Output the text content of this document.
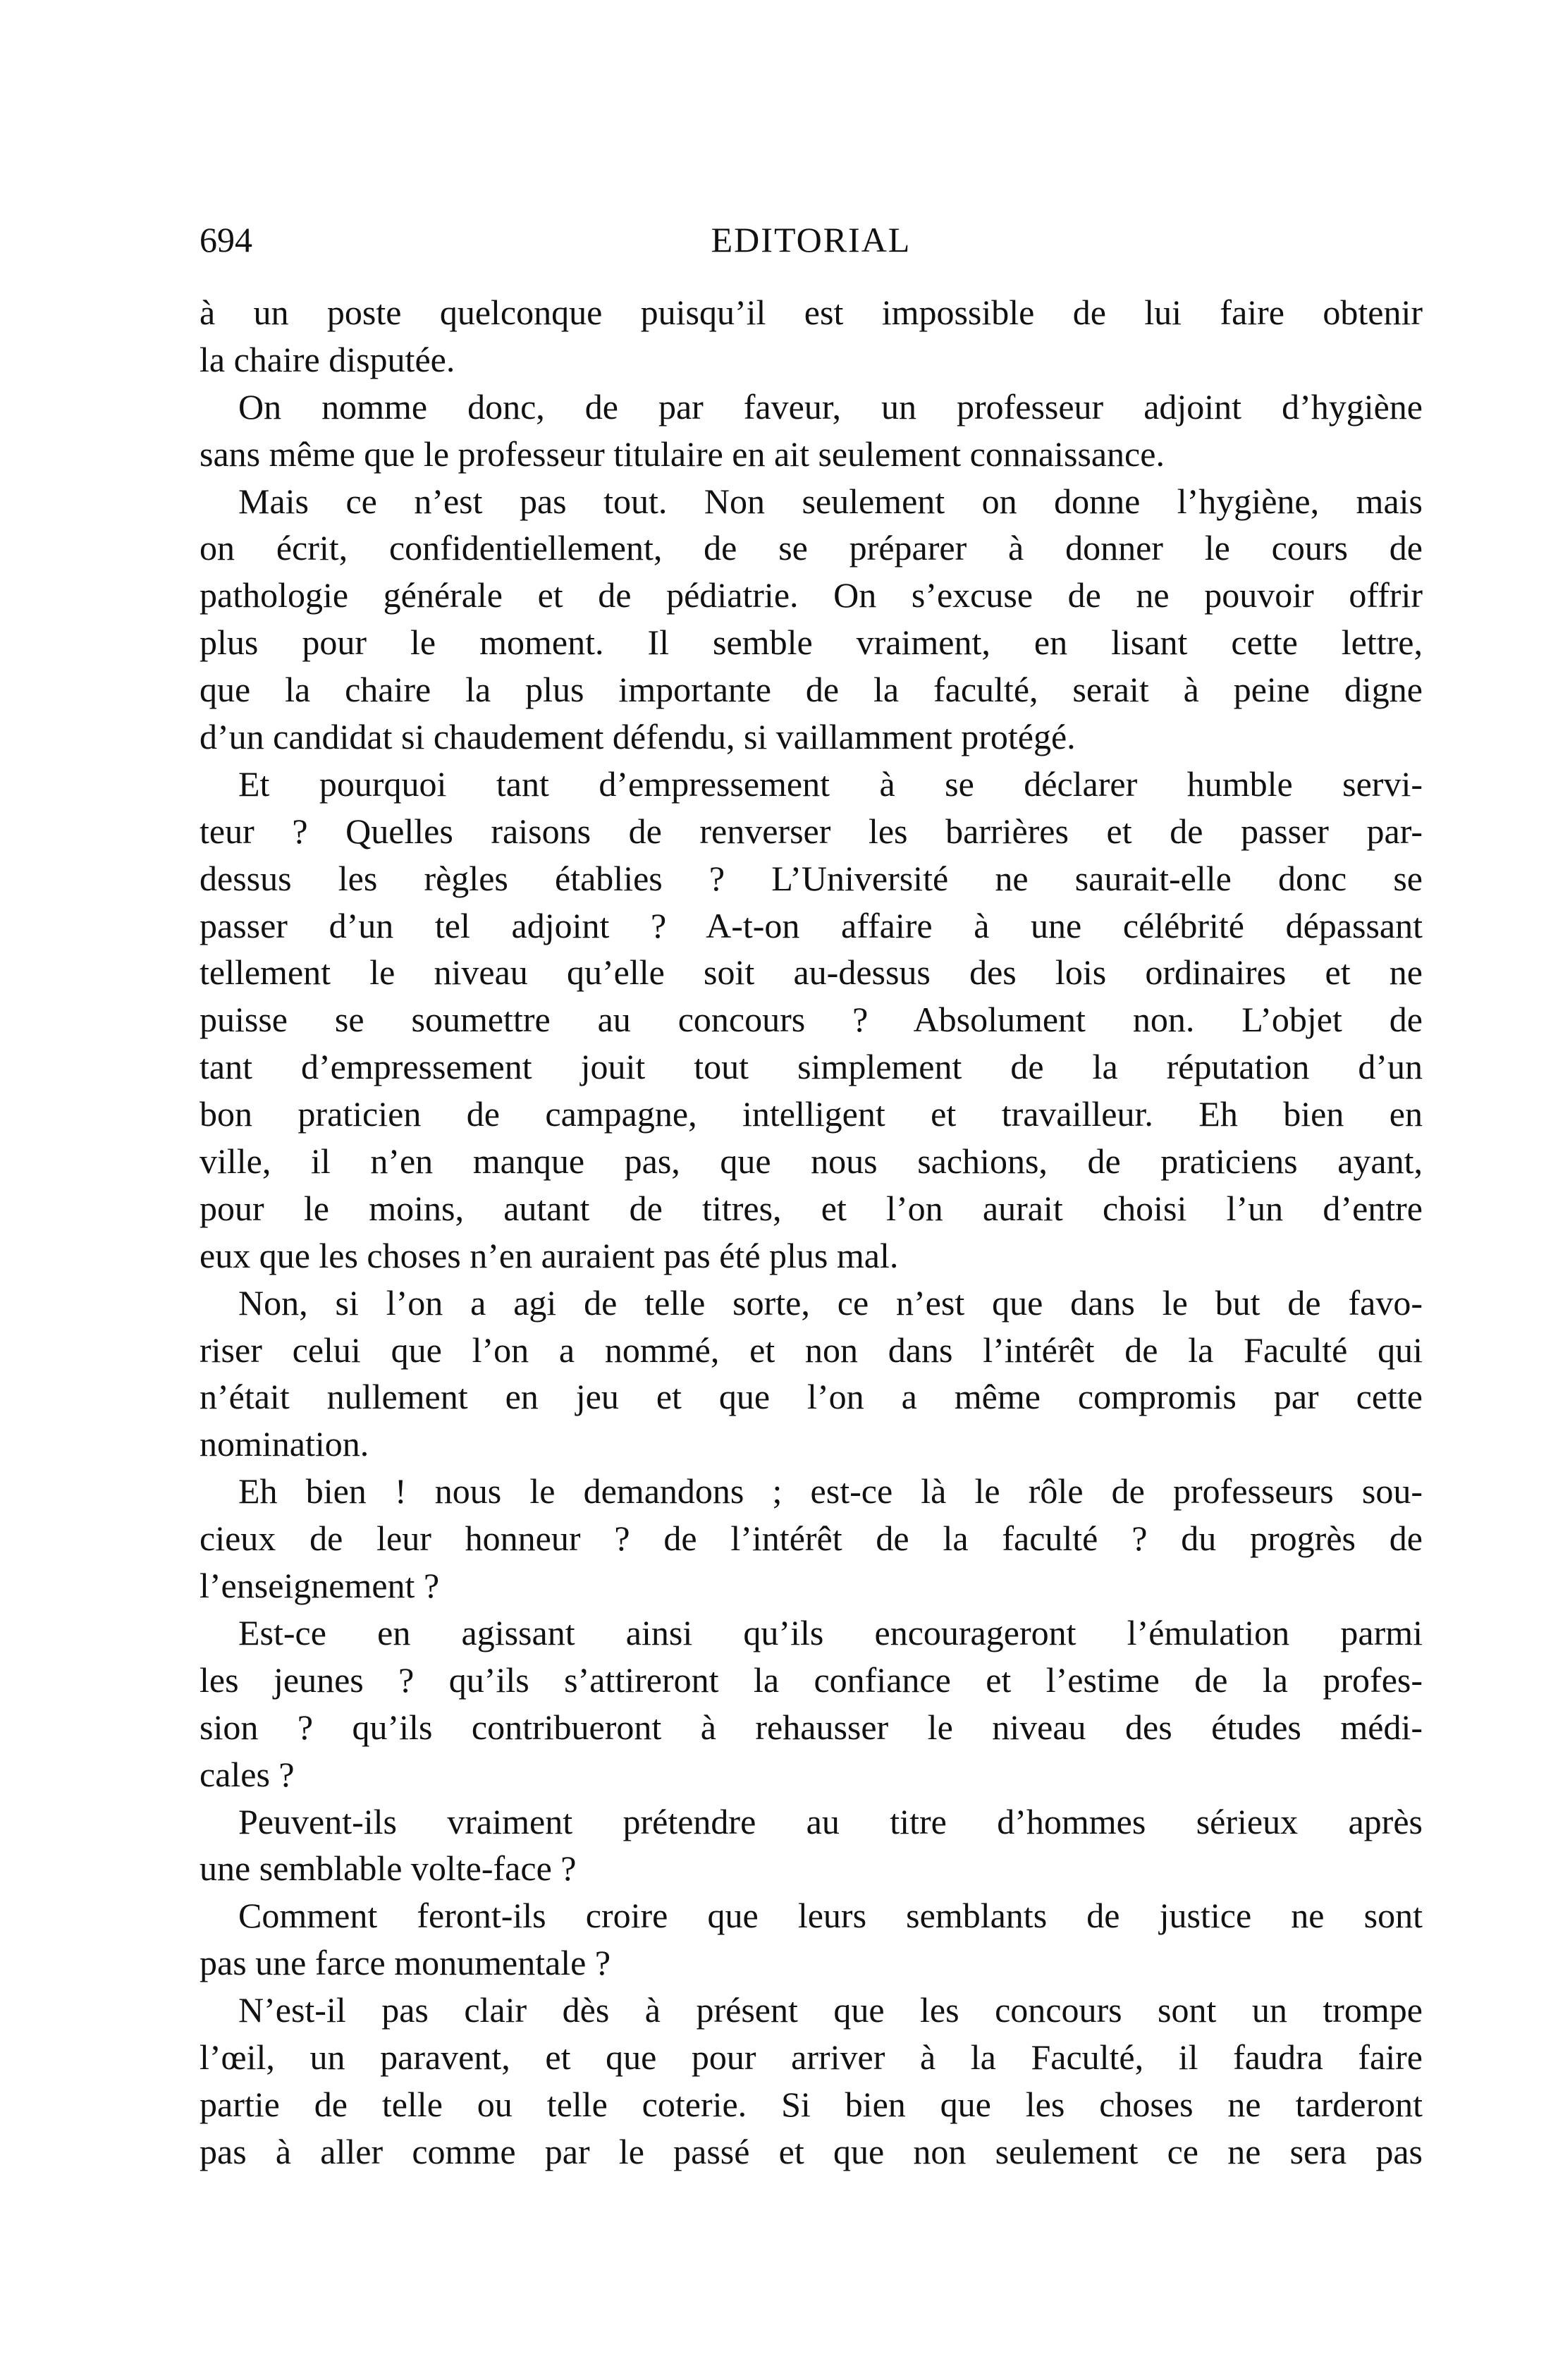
694	EDITORIAL
à un poste quelconque puisqu’il est impossible de lui faire obtenir
la chaire disputée.
On nomme donc, de par faveur, un professeur adjoint d’hygiène
sans même que le professeur titulaire en ait seulement connaissance.
Mais ce n’est pas tout. Non seulement on donne l’hygiène, mais
on écrit, confidentiellement, de se préparer à donner le cours de
pathologie générale et de pédiatrie. On s’excuse de ne pouvoir offrir
plus pour le moment. Il semble vraiment, en lisant cette lettre,
que la chaire la plus importante de la faculté, serait à peine digne
d’un candidat si chaudement défendu, si vaillamment protégé.
Et pourquoi tant d’empressement à se déclarer humble servi-
teur ? Quelles raisons de renverser les barrières et de passer par-
dessus les règles établies ? L’Université ne saurait-elle donc se
passer d’un tel adjoint ? A-t-on affaire à une célébrité dépassant
tellement le niveau qu’elle soit au-dessus des lois ordinaires et ne
puisse se soumettre au concours ? Absolument non. L’objet de
tant d’empressement jouit tout simplement de la réputation d’un
bon praticien de campagne, intelligent et travailleur. Eh bien en
ville, il n’en manque pas, que nous sachions, de praticiens ayant,
pour le moins, autant de titres, et l’on aurait choisi l’un d’entre
eux que les choses n’en auraient pas été plus mal.
Non, si l’on a agi de telle sorte, ce n’est que dans le but de favo-
riser celui que l’on a nommé, et non dans l’intérêt de la Faculté qui
n’était nullement en jeu et que l’on a même compromis par cette
nomination.
Eh bien ! nous le demandons ; est-ce là le rôle de professeurs sou-
cieux de leur honneur ? de l’intérêt de la faculté ? du progrès de
l’enseignement ?
Est-ce en agissant ainsi qu’ils encourageront l’émulation parmi
les jeunes ? qu’ils s’attireront la confiance et l’estime de la profes-
sion ? qu’ils contribueront à rehausser le niveau des études médi-
cales ?
Peuvent-ils vraiment prétendre au titre d’hommes sérieux après
une semblable volte-face ?
Comment feront-ils croire que leurs semblants de justice ne sont
pas une farce monumentale ?
N’est-il pas clair dès à présent que les concours sont un trompe
l’œil, un paravent, et que pour arriver à la Faculté, il faudra faire
partie de telle ou telle coterie. Si bien que les choses ne tarderont
pas à aller comme par le passé et que non seulement ce ne sera pas
